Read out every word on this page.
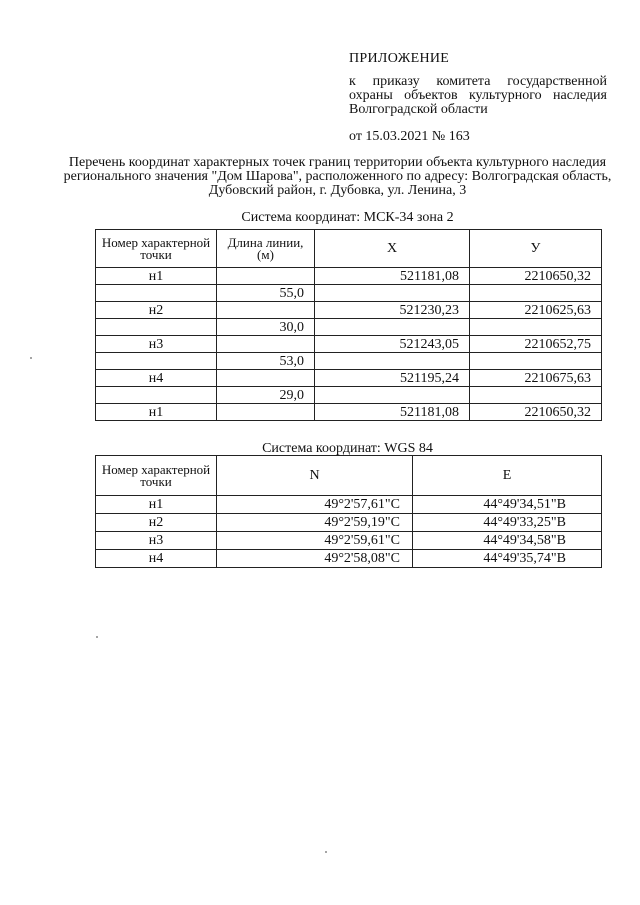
ПРИЛОЖЕНИЕ
к приказу комитета государственной
охраны объектов культурного наследия
Волгоградской области
от 15.03.2021 № 163
Перечень координат характерных точек границ территории объекта культурного наследия регионального значения "Дом Шарова", расположенного по адресу: Волгоградская область, Дубовский район, г. Дубовка, ул. Ленина, 3
Система координат: МСК-34 зона 2
Номер характерной точки	Длина линии, (м)	X	У
н1		521181,08	2210650,32
	55,0		
н2		521230,23	2210625,63
	30,0		
н3		521243,05	2210652,75
	53,0		
н4		521195,24	2210675,63
	29,0		
н1		521181,08	2210650,32
Система координат: WGS 84
Номер характерной точки	N	E
н1	49°2'57,61"С	44°49'34,51"В
н2	49°2'59,19"С	44°49'33,25"В
н3	49°2'59,61"С	44°49'34,58"В
н4	49°2'58,08"С	44°49'35,74"В
